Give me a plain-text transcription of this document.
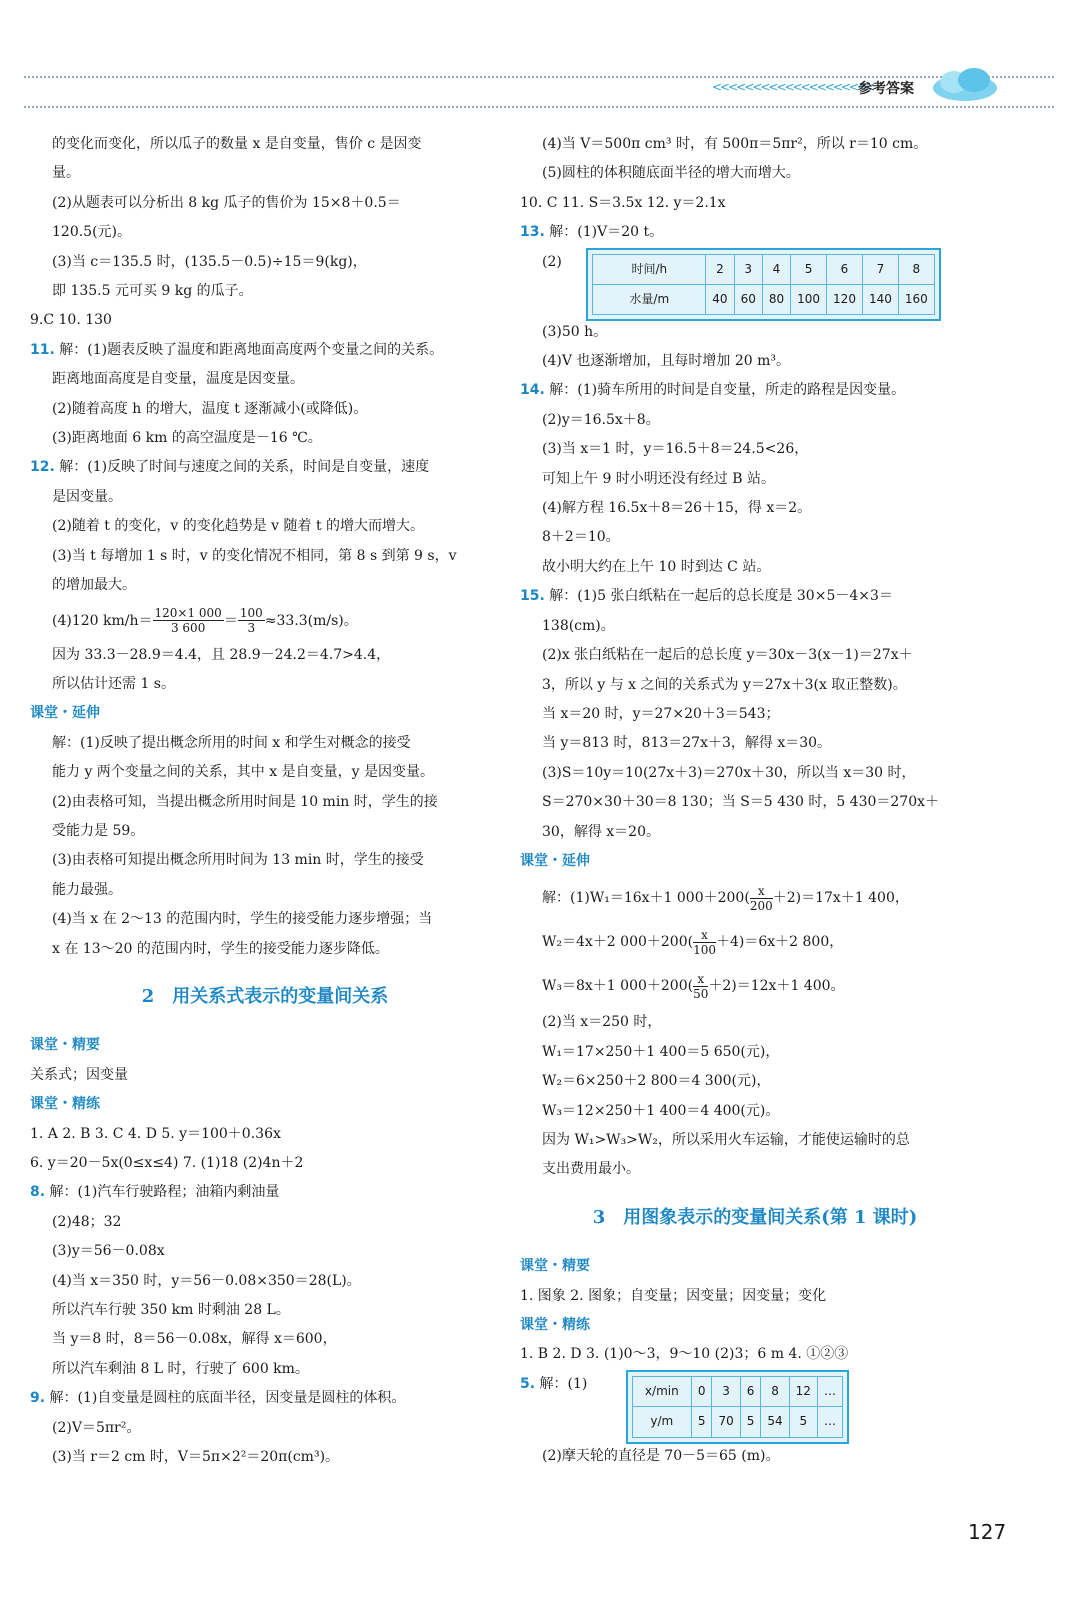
<<<<<<<<<<<<<<<<<<<<
参考答案
的变化而变化，所以瓜子的数量 x 是自变量，售价 c 是因变
量。
(2)从题表可以分析出 8 kg 瓜子的售价为 15×8＋0.5＝
120.5(元)。
(3)当 c＝135.5 时，(135.5－0.5)÷15＝9(kg)，
即 135.5 元可买 9 kg 的瓜子。
9.C 10. 130
11. 解：(1)题表反映了温度和距离地面高度两个变量之间的关系。
距离地面高度是自变量，温度是因变量。
(2)随着高度 h 的增大，温度 t 逐渐减小(或降低)。
(3)距离地面 6 km 的高空温度是－16 ℃。
12. 解：(1)反映了时间与速度之间的关系，时间是自变量，速度
是因变量。
(2)随着 t 的变化，v 的变化趋势是 v 随着 t 的增大而增大。
(3)当 t 每增加 1 s 时，v 的变化情况不相同，第 8 s 到第 9 s，v
的增加最大。
(4)120 $km/h= \frac{120\times 1 000}{3 600} = \frac{100}{3} \approx 33.3(m/s)$。
因为 33.3－28.9＝4.4，且 28.9－24.2＝4.7>4.4，
所以估计还需 1 s。
课堂・延伸
解：(1)反映了提出概念所用的时间 x 和学生对概念的接受
能力 y 两个变量之间的关系，其中 x 是自变量，y 是因变量。
(2)由表格可知，当提出概念所用时间是 10 min 时，学生的接
受能力是 59。
(3)由表格可知提出概念所用时间为 13 min 时，学生的接受
能力最强。
(4)当 x 在 2～13 的范围内时，学生的接受能力逐步增强；当
x 在 13～20 的范围内时，学生的接受能力逐步降低。
2　用关系式表示的变量间关系
课堂・精要
关系式；因变量
课堂・精练
1. A 2. B 3. C 4. D 5. y＝100＋0.36x
6. y＝20－5x(0≤x≤4) 7. (1)18 (2)4n＋2
8. 解：(1)汽车行驶路程；油箱内剩油量
(2)48；32
(3)y＝56－0.08x
(4)当 x＝350 时，y＝56－0.08×350＝28(L)。
所以汽车行驶 350 km 时剩油 28 L。
当 y＝8 时，8＝56－0.08x，解得 x＝600，
所以汽车剩油 8 L 时，行驶了 600 km。
9. 解：(1)自变量是圆柱的底面半径，因变量是圆柱的体积。
(2)V＝5πr²。
(3)当 r＝2 cm 时，V＝5π×2²＝20π(cm³)。
(4)当 V＝500π cm³ 时，有 500π＝5πr²，所以 r＝10 cm。
(5)圆柱的体积随底面半径的增大而增大。
10. C 11. S＝3.5x 12. y＝2.1x
13. 解：(1)V＝20 t。
(2)	时间/h	2	3	4	5	6	7	8
水量/m	40	60	80	100	120	140	160
(3)50 h。
(4)V 也逐渐增加，且每时增加 20 m³。
14. 解：(1)骑车所用的时间是自变量，所走的路程是因变量。
(2)y＝16.5x＋8。
(3)当 x＝1 时，y＝16.5＋8＝24.5<26，
可知上午 9 时小明还没有经过 B 站。
(4)解方程 16.5x＋8＝26＋15，得 x＝2。
8＋2＝10。
故小明大约在上午 10 时到达 C 站。
15. 解：(1)5 张白纸粘在一起后的总长度是 30×5－4×3＝
138(cm)。
(2)x 张白纸粘在一起后的总长度 y＝30x－3(x－1)＝27x＋
3，所以 y 与 x 之间的关系式为 y＝27x＋3(x 取正整数)。
当 x＝20 时，y＝27×20＋3＝543；
当 y＝813 时，813＝27x＋3，解得 x＝30。
(3)S＝10y＝10(27x＋3)＝270x＋30，所以当 x＝30 时，
S＝270×30＋30＝8 130；当 S＝5 430 时，5 430＝270x＋
30，解得 x＝20。
课堂・延伸
解：(1)W₁＝16x＋1 $000+200( \frac{x}{200} +2)=17x+1$ 400，
W₂＝4x＋2 $000+200( \frac{x}{100} +4)=6x+2$ 800，
W₃＝8x＋1 $000+200( \frac{x}{50} +2)=12x+1$ 400。
(2)当 x＝250 时，
W₁＝17×250＋1 400＝5 650(元)，
W₂＝6×250＋2 800＝4 300(元)，
W₃＝12×250＋1 400＝4 400(元)。
因为 W₁>W₃>W₂，所以采用火车运输，才能使运输时的总
支出费用最小。
3　用图象表示的变量间关系(第 1 课时)
课堂・精要
1. 图象 2. 图象；自变量；因变量；因变量；变化
课堂・精练
1. B 2. D 3. (1)0～3，9～10 (2)3；6 m 4. ①②③
5. 解：(1)	x/min	0	3	6	8	12	…
y/m	5	70	5	54	5	…
(2)摩天轮的直径是 70－5＝65 (m)。
127
